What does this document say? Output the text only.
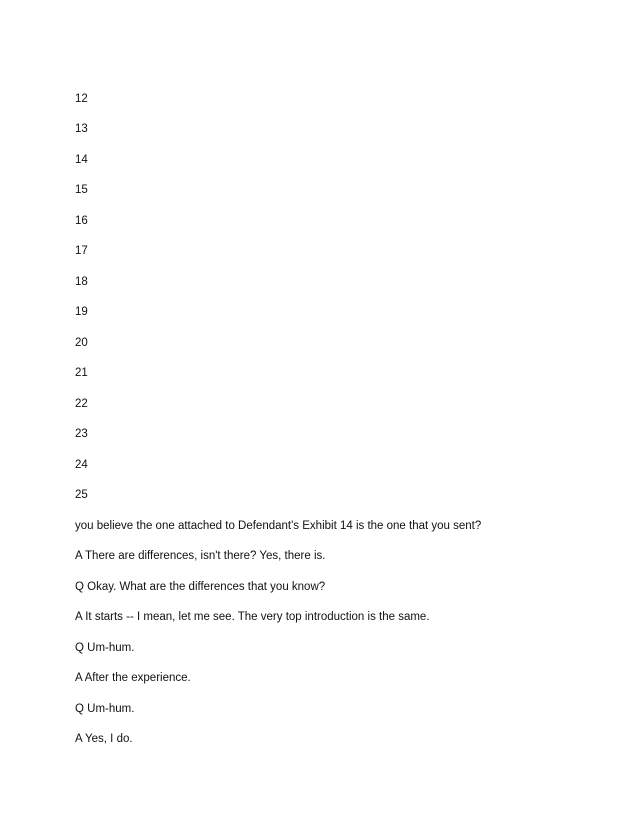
12
13
14
15
16
17
18
19
20
21
22
23
24
25
you believe the one attached to Defendant's Exhibit 14 is the one that you sent?
A There are differences, isn't there? Yes, there is.
Q Okay. What are the differences that you know?
A It starts -- I mean, let me see. The very top introduction is the same.
Q Um-hum.
A After the experience.
Q Um-hum.
A Yes, I do.
